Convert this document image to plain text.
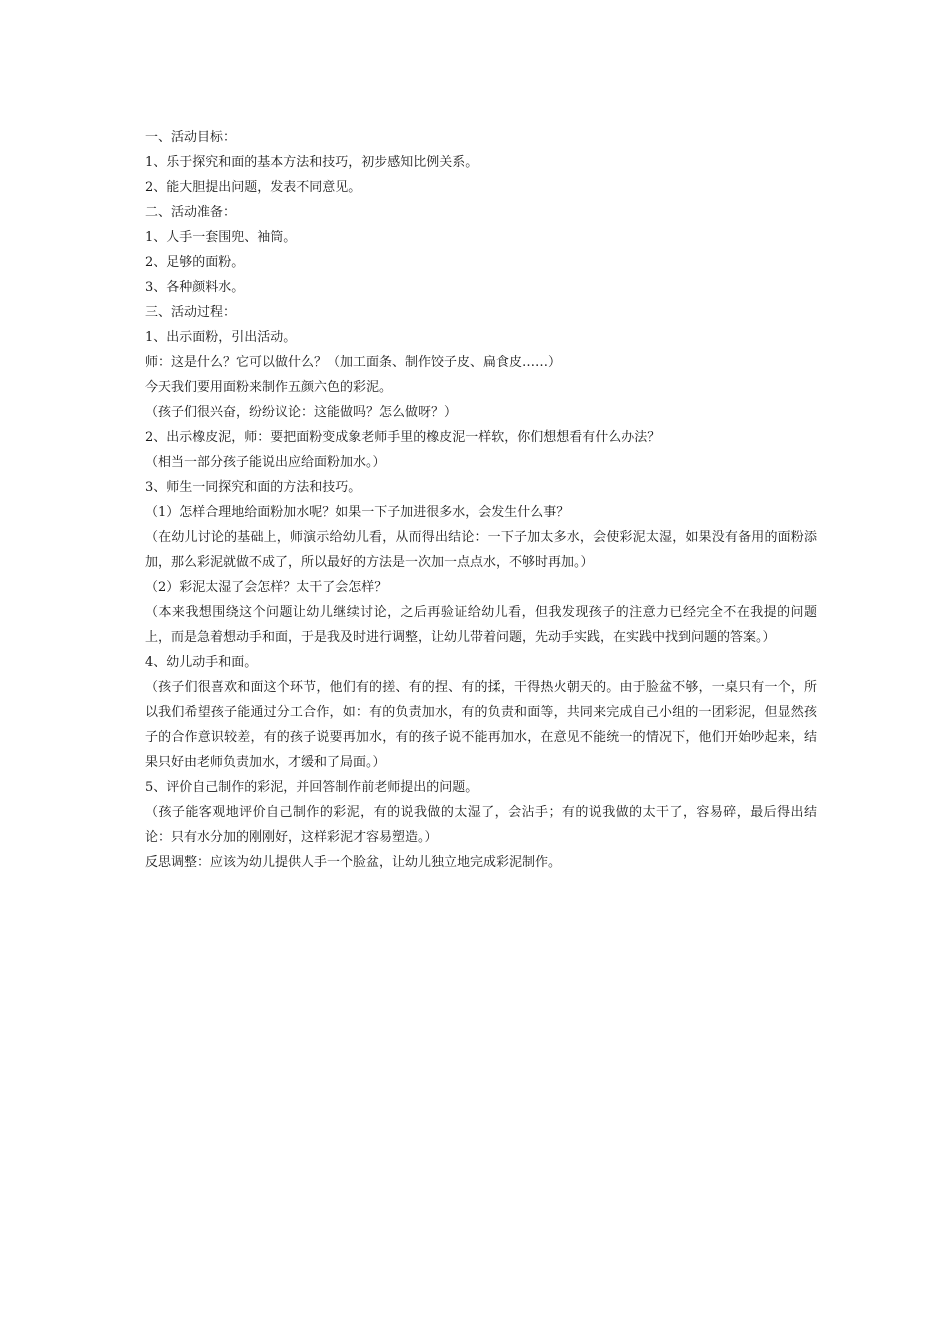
一、活动目标：

1、乐于探究和面的基本方法和技巧，初步感知比例关系。

2、能大胆提出问题，发表不同意见。

二、活动准备：

1、人手一套围兜、袖筒。

2、足够的面粉。

3、各种颜料水。

三、活动过程：

1、出示面粉，引出活动。

师：这是什么？它可以做什么？（加工面条、制作饺子皮、扁食皮……）

今天我们要用面粉来制作五颜六色的彩泥。

（孩子们很兴奋，纷纷议论：这能做吗？怎么做呀？）

2、出示橡皮泥，师：要把面粉变成象老师手里的橡皮泥一样软，你们想想看有什么办法？

（相当一部分孩子能说出应给面粉加水。）

3、师生一同探究和面的方法和技巧。

（1）怎样合理地给面粉加水呢？如果一下子加进很多水，会发生什么事？

（在幼儿讨论的基础上，师演示给幼儿看，从而得出结论：一下子加太多水，会使彩泥太湿，如果没有备用的面粉添加，那么彩泥就做不成了，所以最好的方法是一次加一点点水，不够时再加。）

（2）彩泥太湿了会怎样？太干了会怎样？

（本来我想围绕这个问题让幼儿继续讨论，之后再验证给幼儿看，但我发现孩子的注意力已经完全不在我提的问题上，而是急着想动手和面，于是我及时进行调整，让幼儿带着问题，先动手实践，在实践中找到问题的答案。）

4、幼儿动手和面。

（孩子们很喜欢和面这个环节，他们有的搓、有的捏、有的揉，干得热火朝天的。由于脸盆不够，一桌只有一个，所以我们希望孩子能通过分工合作，如：有的负责加水，有的负责和面等，共同来完成自己小组的一团彩泥，但显然孩子的合作意识较差，有的孩子说要再加水，有的孩子说不能再加水，在意见不能统一的情况下，他们开始吵起来，结果只好由老师负责加水，才缓和了局面。）

5、评价自己制作的彩泥，并回答制作前老师提出的问题。

（孩子能客观地评价自己制作的彩泥，有的说我做的太湿了，会沾手；有的说我做的太干了，容易碎，最后得出结论：只有水分加的刚刚好，这样彩泥才容易塑造。）

反思调整：应该为幼儿提供人手一个脸盆，让幼儿独立地完成彩泥制作。
